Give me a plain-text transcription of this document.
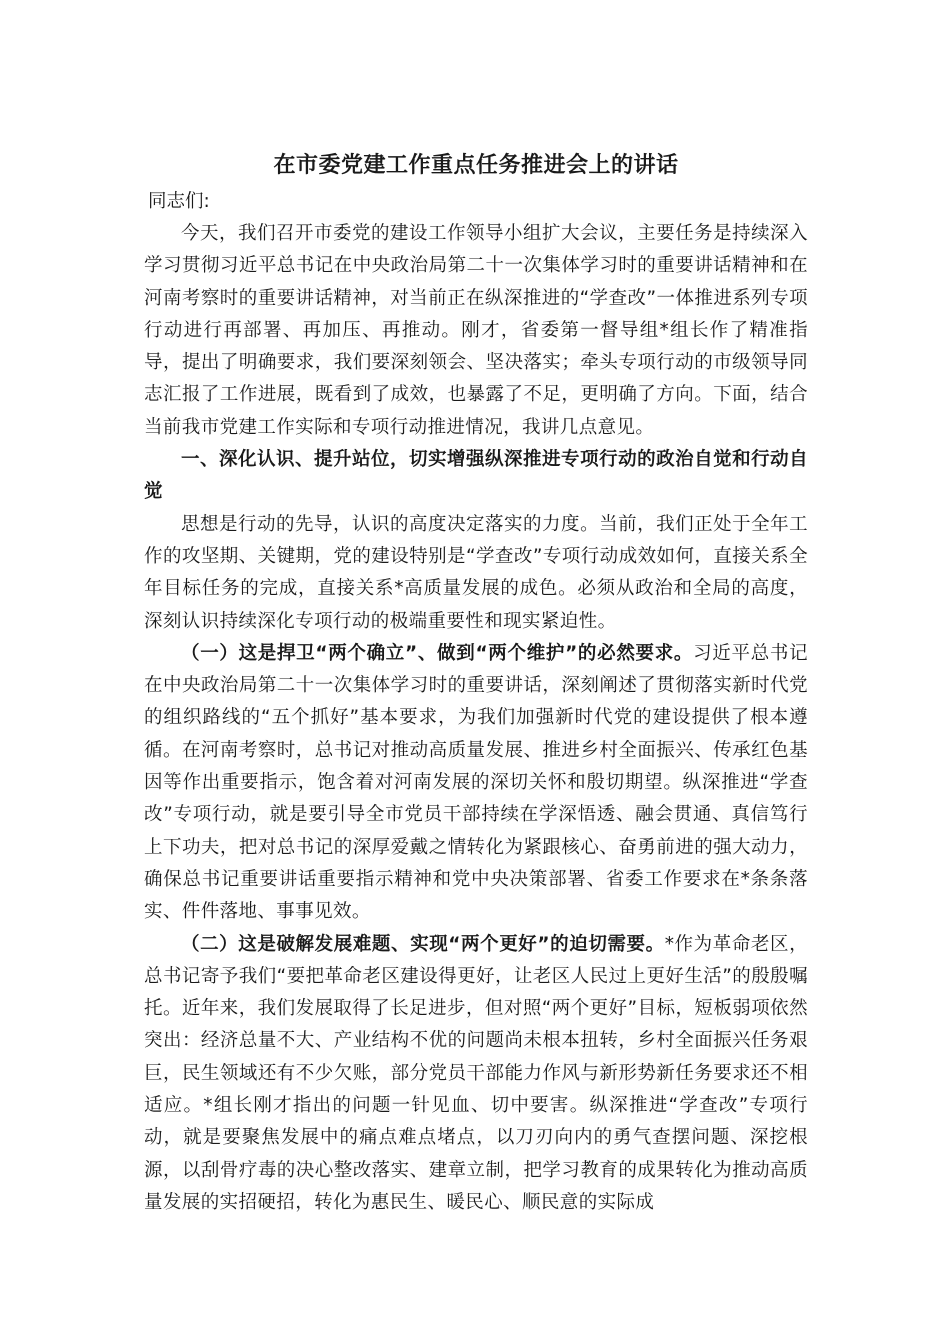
在市委党建工作重点任务推进会上的讲话

同志们:

今天，我们召开市委党的建设工作领导小组扩大会议，主要任务是持续深入学习贯彻习近平总书记在中央政治局第二十一次集体学习时的重要讲话精神和在河南考察时的重要讲话精神，对当前正在纵深推进的“学查改”一体推进系列专项行动进行再部署、再加压、再推动。刚才，省委第一督导组*组长作了精准指导，提出了明确要求，我们要深刻领会、坚决落实；牵头专项行动的市级领导同志汇报了工作进展，既看到了成效，也暴露了不足，更明确了方向。下面，结合当前我市党建工作实际和专项行动推进情况，我讲几点意见。

一、深化认识、提升站位，切实增强纵深推进专项行动的政治自觉和行动自觉

思想是行动的先导，认识的高度决定落实的力度。当前，我们正处于全年工作的攻坚期、关键期，党的建设特别是“学查改”专项行动成效如何，直接关系全年目标任务的完成，直接关系*高质量发展的成色。必须从政治和全局的高度，深刻认识持续深化专项行动的极端重要性和现实紧迫性。

（一）这是捍卫“两个确立”、做到“两个维护”的必然要求。习近平总书记在中央政治局第二十一次集体学习时的重要讲话，深刻阐述了贯彻落实新时代党的组织路线的“五个抓好”基本要求，为我们加强新时代党的建设提供了根本遵循。在河南考察时，总书记对推动高质量发展、推进乡村全面振兴、传承红色基因等作出重要指示，饱含着对河南发展的深切关怀和殷切期望。纵深推进“学查改”专项行动，就是要引导全市党员干部持续在学深悟透、融会贯通、真信笃行上下功夫，把对总书记的深厚爱戴之情转化为紧跟核心、奋勇前进的强大动力，确保总书记重要讲话重要指示精神和党中央决策部署、省委工作要求在*条条落实、件件落地、事事见效。

（二）这是破解发展难题、实现“两个更好”的迫切需要。*作为革命老区，总书记寄予我们“要把革命老区建设得更好，让老区人民过上更好生活”的殷殷嘱托。近年来，我们发展取得了长足进步，但对照“两个更好”目标，短板弱项依然突出：经济总量不大、产业结构不优的问题尚未根本扭转，乡村全面振兴任务艰巨，民生领域还有不少欠账，部分党员干部能力作风与新形势新任务要求还不相适应。*组长刚才指出的问题一针见血、切中要害。纵深推进“学查改”专项行动，就是要聚焦发展中的痛点难点堵点，以刀刃向内的勇气查摆问题、深挖根源，以刮骨疗毒的决心整改落实、建章立制，把学习教育的成果转化为推动高质量发展的实招硬招，转化为惠民生、暖民心、顺民意的实际成
